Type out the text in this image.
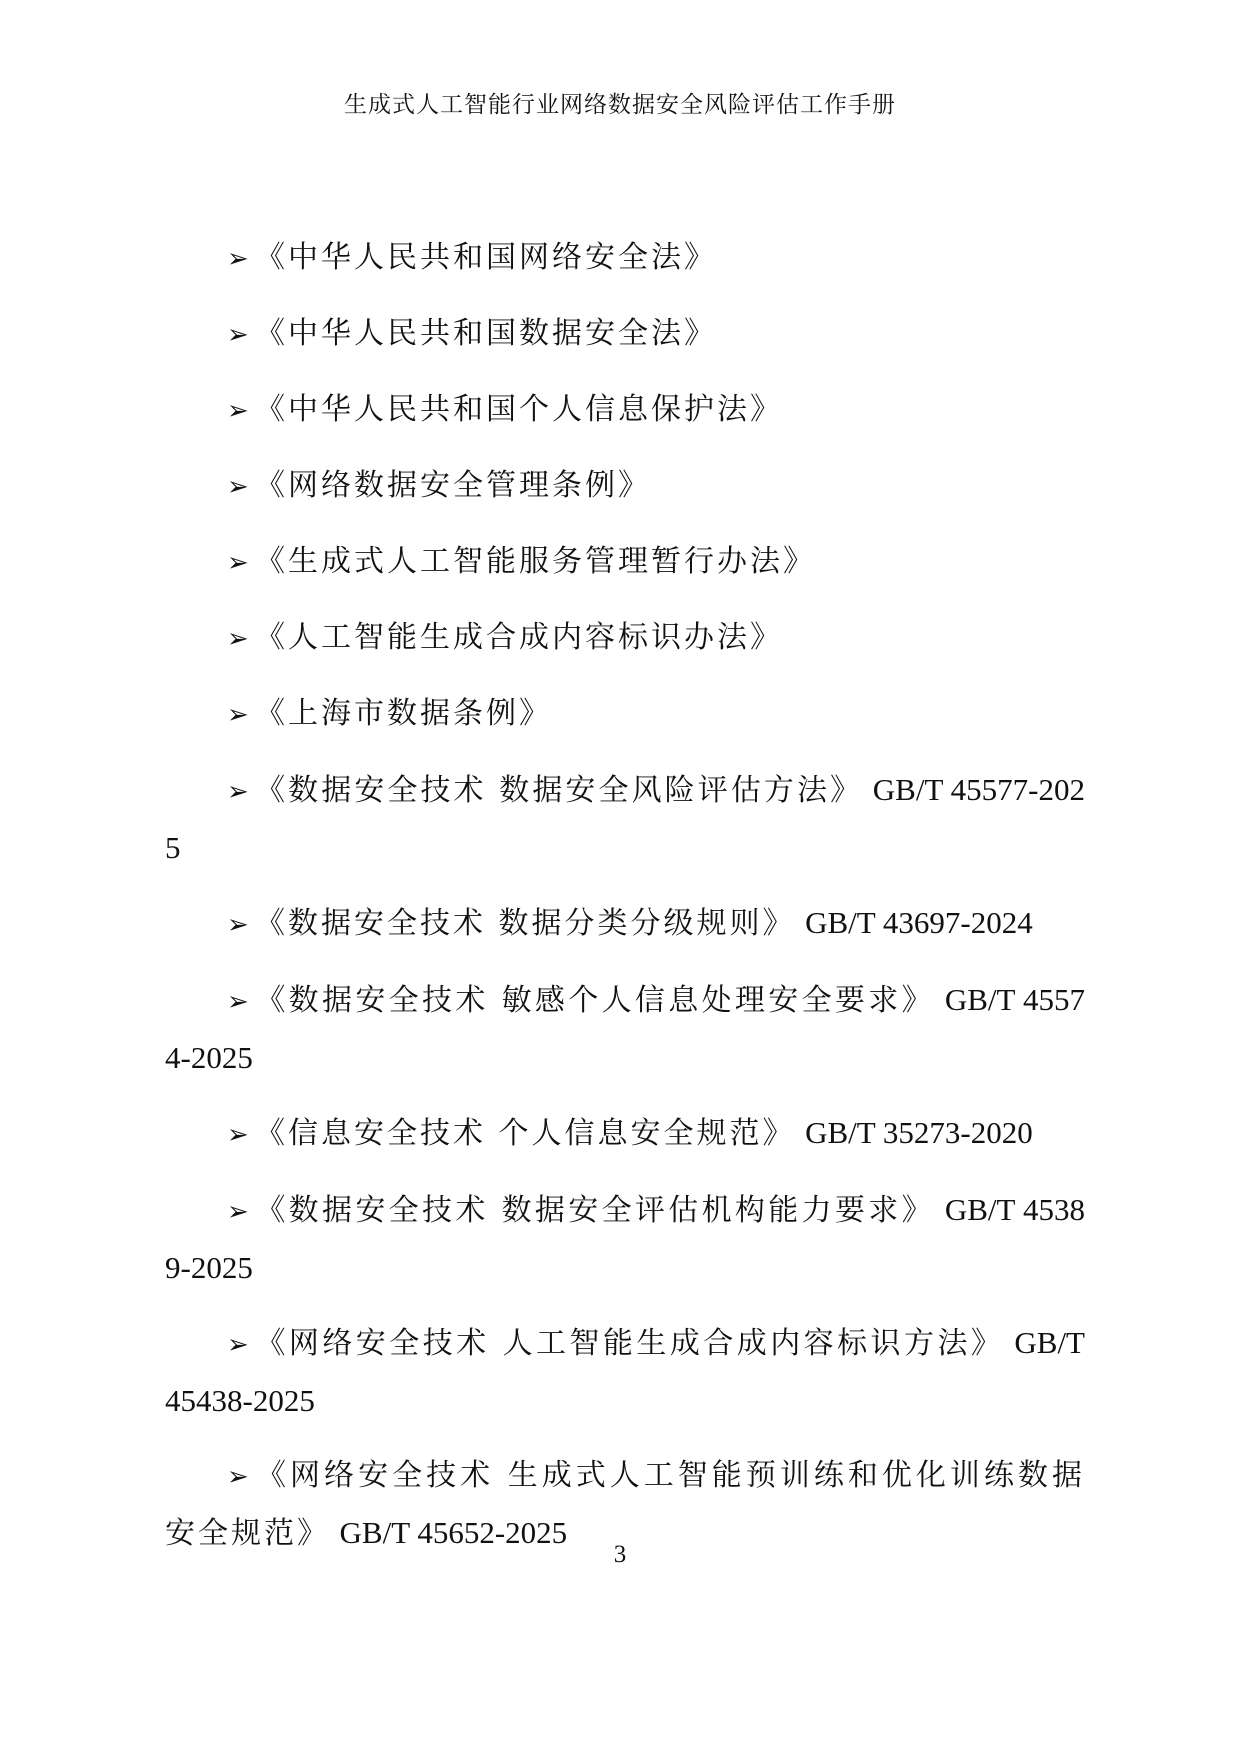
生成式人工智能行业网络数据安全风险评估工作手册
➢ 《中华人民共和国网络安全法》
➢ 《中华人民共和国数据安全法》
➢ 《中华人民共和国个人信息保护法》
➢ 《网络数据安全管理条例》
➢ 《生成式人工智能服务管理暂行办法》
➢ 《人工智能生成合成内容标识办法》
➢ 《上海市数据条例》
➢ 《数据安全技术 数据安全风险评估方法》 GB/T 45577-2025
➢ 《数据安全技术 数据分类分级规则》 GB/T 43697-2024
➢ 《数据安全技术 敏感个人信息处理安全要求》 GB/T 45574-2025
➢ 《信息安全技术 个人信息安全规范》 GB/T 35273-2020
➢ 《数据安全技术 数据安全评估机构能力要求》 GB/T 45389-2025
➢ 《网络安全技术 人工智能生成合成内容标识方法》 GB/T 45438-2025
➢ 《网络安全技术 生成式人工智能预训练和优化训练数据安全规范》 GB/T 45652-2025
3
